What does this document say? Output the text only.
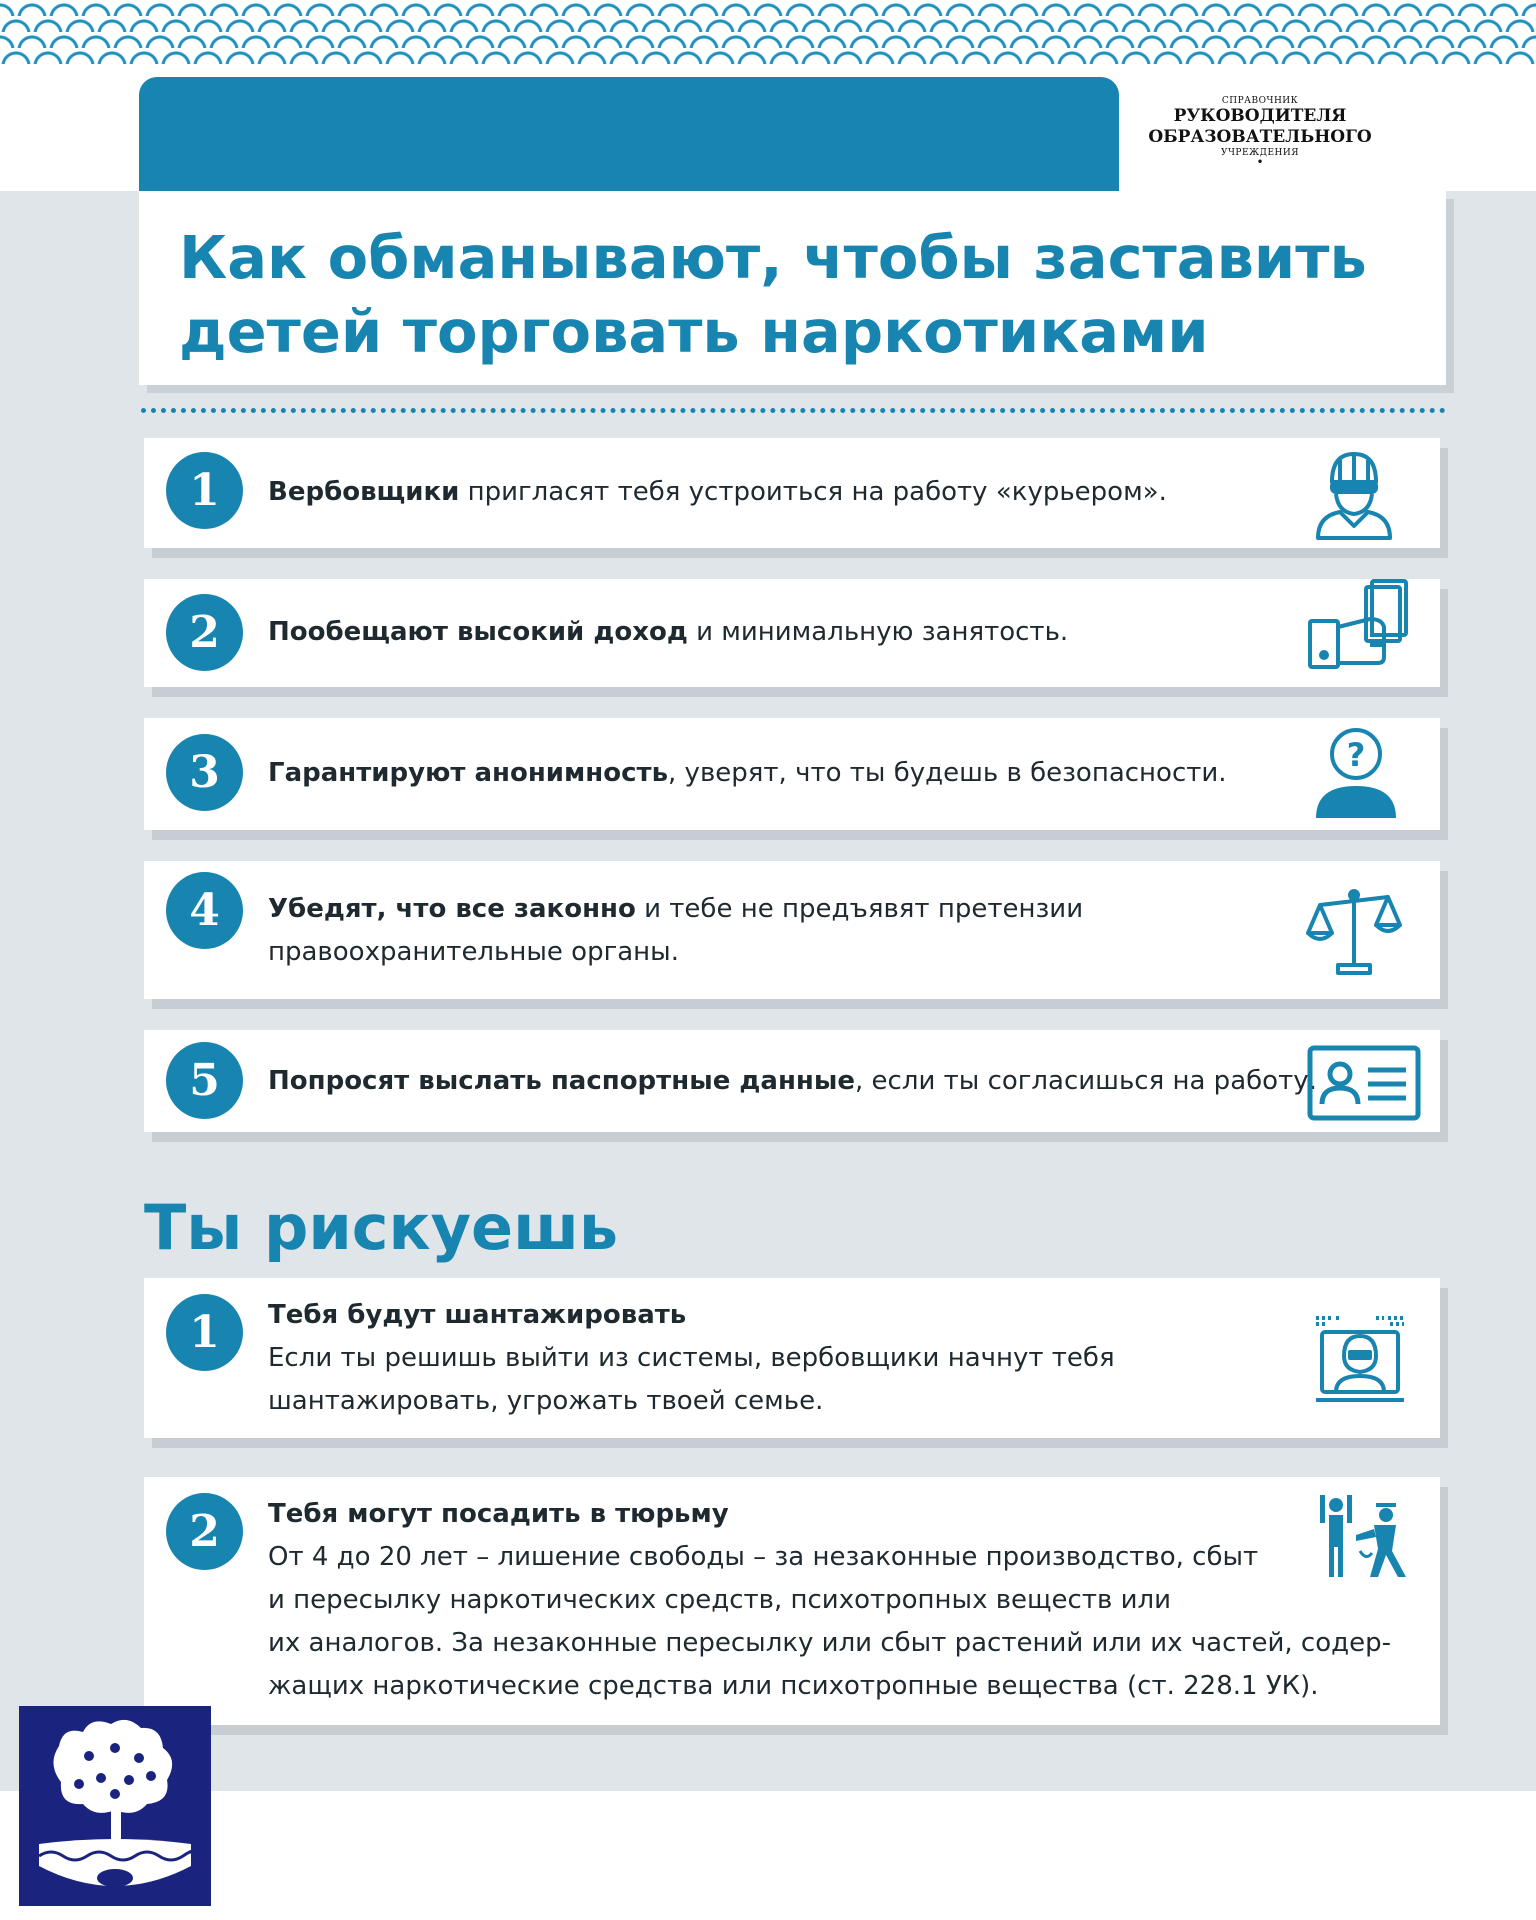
СПРАВОЧНИК
РУКОВОДИТЕЛЯ
ОБРАЗОВАТЕЛЬНОГО
УЧРЕЖДЕНИЯ
•
Как обманывают, чтобы заставить
детей торговать наркотиками
1	Вербовщики пригласят тебя устроиться на работу «курьером».
2	Пообещают высокий доход и минимальную занятость.
3	Гарантируют анонимность, уверят, что ты будешь в безопасности.	?
4	Убедят, что все законно и тебе не предъявят претензии
правоохранительные органы.
5	Попросят выслать паспортные данные, если ты согласишься на работу.
Ты рискуешь
1	Тебя будут шантажировать
Если ты решишь выйти из системы, вербовщики начнут тебя
шантажировать, угрожать твоей семье.
2	Тебя могут посадить в тюрьму
От 4 до 20 лет – лишение свободы – за незаконные производство, сбыт
и пересылку наркотических средств, психотропных веществ или
их аналогов. За незаконные пересылку или сбыт растений или их частей, содер-
жащих наркотические средства или психотропные вещества (ст. 228.1 УК).
